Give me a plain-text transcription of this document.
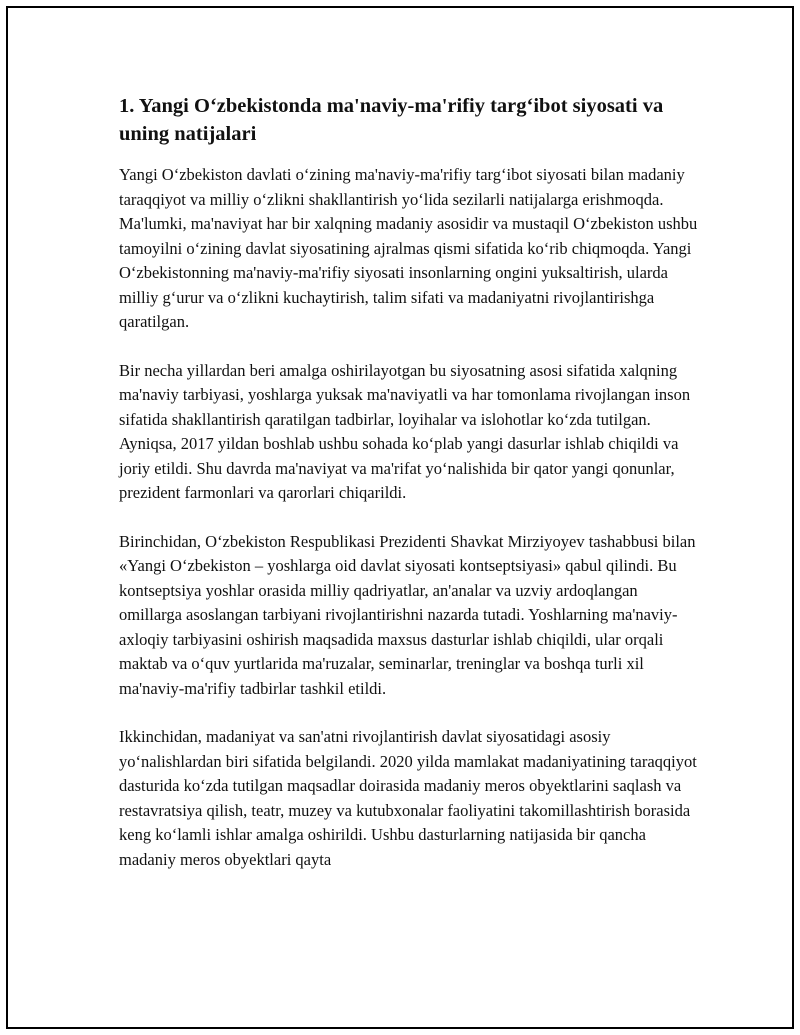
1. Yangi O‘zbekistonda ma'naviy-ma'rifiy targ‘ibot siyosati va uning natijalari

Yangi O‘zbekiston davlati o‘zining ma'naviy-ma'rifiy targ‘ibot siyosati bilan madaniy taraqqiyot va milliy o‘zlikni shakllantirish yo‘lida sezilarli natijalarga erishmoqda. Ma'lumki, ma'naviyat har bir xalqning madaniy asosidir va mustaqil O‘zbekiston ushbu tamoyilni o‘zining davlat siyosatining ajralmas qismi sifatida ko‘rib chiqmoqda. Yangi O‘zbekistonning ma'naviy-ma'rifiy siyosati insonlarning ongini yuksaltirish, ularda milliy g‘urur va o‘zlikni kuchaytirish, talim sifati va madaniyatni rivojlantirishga qaratilgan.

Bir necha yillardan beri amalga oshirilayotgan bu siyosatning asosi sifatida xalqning ma'naviy tarbiyasi, yoshlarga yuksak ma'naviyatli va har tomonlama rivojlangan inson sifatida shakllantirish qaratilgan tadbirlar, loyihalar va islohotlar ko‘zda tutilgan. Ayniqsa, 2017 yildan boshlab ushbu sohada ko‘plab yangi dasurlar ishlab chiqildi va joriy etildi. Shu davrda ma'naviyat va ma'rifat yo‘nalishida bir qator yangi qonunlar, prezident farmonlari va qarorlari chiqarildi.

Birinchidan, O‘zbekiston Respublikasi Prezidenti Shavkat Mirziyoyev tashabbusi bilan «Yangi O‘zbekiston – yoshlarga oid davlat siyosati kontseptsiyasi» qabul qilindi. Bu kontseptsiya yoshlar orasida milliy qadriyatlar, an'analar va uzviy ardoqlangan omillarga asoslangan tarbiyani rivojlantirishni nazarda tutadi. Yoshlarning ma'naviy-axloqiy tarbiyasini oshirish maqsadida maxsus dasturlar ishlab chiqildi, ular orqali maktab va o‘quv yurtlarida ma'ruzalar, seminarlar, treninglar va boshqa turli xil ma'naviy-ma'rifiy tadbirlar tashkil etildi.

Ikkinchidan, madaniyat va san'atni rivojlantirish davlat siyosatidagi asosiy yo‘nalishlardan biri sifatida belgilandi. 2020 yilda mamlakat madaniyatining taraqqiyot dasturida ko‘zda tutilgan maqsadlar doirasida madaniy meros obyektlarini saqlash va restavratsiya qilish, teatr, muzey va kutubxonalar faoliyatini takomillashtirish borasida keng ko‘lamli ishlar amalga oshirildi. Ushbu dasturlarning natijasida bir qancha madaniy meros obyektlari qayta
